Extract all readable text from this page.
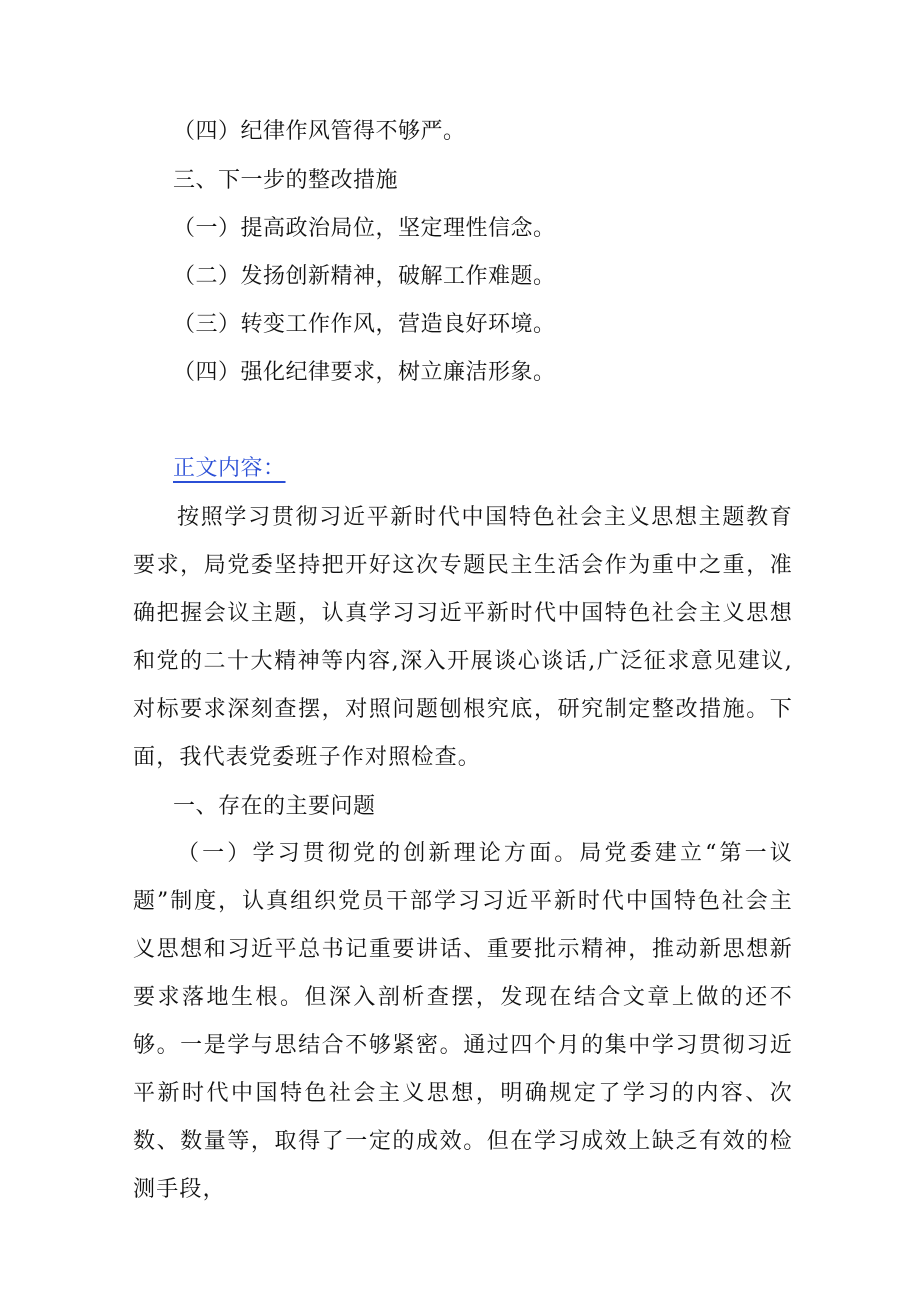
（四）纪律作风管得不够严。
三、下一步的整改措施
（一）提高政治局位，坚定理性信念。
（二）发扬创新精神，破解工作难题。
（三）转变工作作风，营造良好环境。
（四）强化纪律要求，树立廉洁形象。
正文内容：

按照学习贯彻习近平新时代中国特色社会主义思想主题教育要求，局党委坚持把开好这次专题民主生活会作为重中之重，准确把握会议主题，认真学习习近平新时代中国特色社会主义思想和党的二十大精神等内容,深入开展谈心谈话,广泛征求意见建议,对标要求深刻查摆，对照问题刨根究底，研究制定整改措施。下面，我代表党委班子作对照检查。

一、存在的主要问题

（一）学习贯彻党的创新理论方面。局党委建立“第一议题”制度，认真组织党员干部学习习近平新时代中国特色社会主义思想和习近平总书记重要讲话、重要批示精神，推动新思想新要求落地生根。但深入剖析查摆，发现在结合文章上做的还不够。一是学与思结合不够紧密。通过四个月的集中学习贯彻习近平新时代中国特色社会主义思想，明确规定了学习的内容、次数、数量等，取得了一定的成效。但在学习成效上缺乏有效的检测手段，
